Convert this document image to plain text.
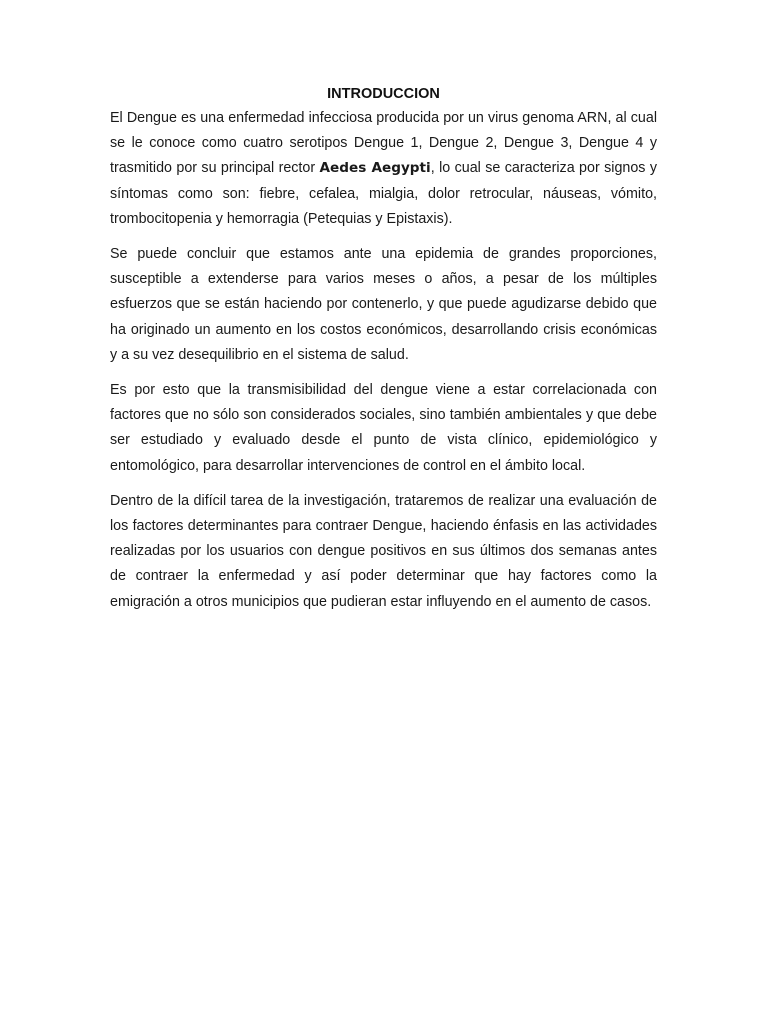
INTRODUCCION

El Dengue es una enfermedad infecciosa producida por un virus genoma ARN, al cual se le conoce como cuatro serotipos Dengue 1, Dengue 2, Dengue 3, Dengue 4 y trasmitido por su principal rector Aedes Aegypti, lo cual se caracteriza por signos y síntomas como son: fiebre, cefalea, mialgia, dolor retrocular, náuseas, vómito, trombocitopenia y hemorragia (Petequias y Epistaxis).

Se puede concluir que estamos ante una epidemia de grandes proporciones, susceptible a extenderse para varios meses o años, a pesar de los múltiples esfuerzos que se están haciendo por contenerlo, y que puede agudizarse debido que ha originado un aumento en los costos económicos, desarrollando crisis económicas y a su vez desequilibrio en el sistema de salud.

Es por esto que la transmisibilidad del dengue viene a estar correlacionada con factores que no sólo son considerados sociales, sino también ambientales y que debe ser estudiado y evaluado desde el punto de vista clínico, epidemiológico y entomológico, para desarrollar intervenciones de control en el ámbito local.

Dentro de la difícil tarea de la investigación, trataremos de realizar una evaluación de los factores determinantes para contraer Dengue, haciendo énfasis en las actividades realizadas por los usuarios con dengue positivos en sus últimos dos semanas antes de contraer la enfermedad y así poder determinar que hay factores como la emigración a otros municipios que pudieran estar influyendo en el aumento de casos.
